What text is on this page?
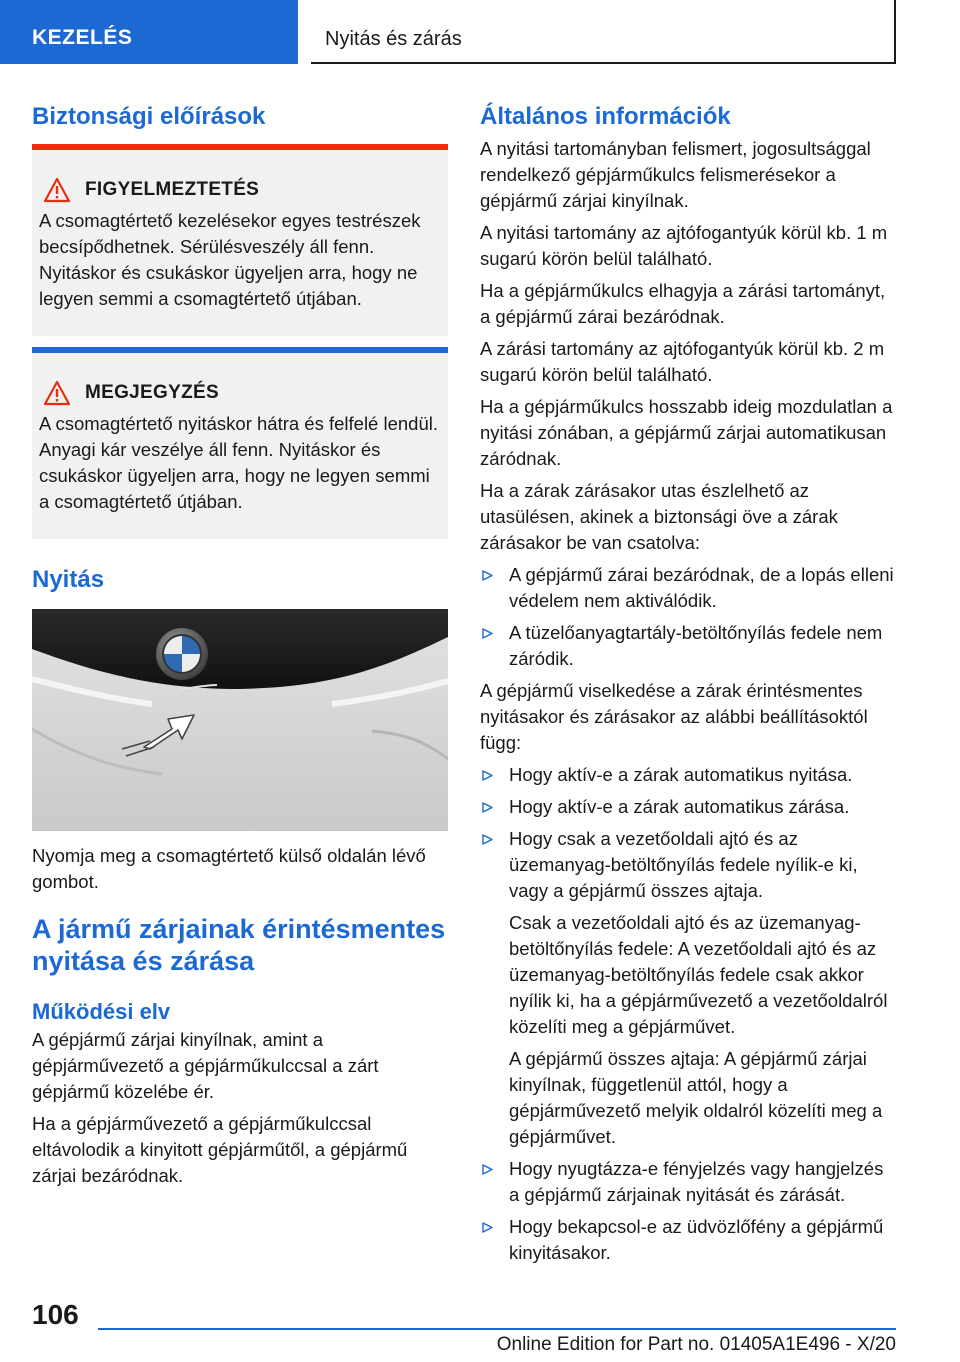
KEZELÉS	Nyitás és zárás
Biztonsági előírások
FIGYELMEZTETÉS

A csomagtértető kezelésekor egyes testrészek becsípődhetnek. Sérülésveszély áll fenn. Nyitáskor és csukáskor ügyeljen arra, hogy ne legyen semmi a csomagtértető útjában.

MEGJEGYZÉS

A csomagtértető nyitáskor hátra és felfelé lendül. Anyagi kár veszélye áll fenn. Nyitáskor és csukáskor ügyeljen arra, hogy ne legyen semmi a csomagtértető útjában.

Nyitás

Nyomja meg a csomagtértető külső oldalán lévő gombot.

A jármű zárjainak érintésmentes nyitása és zárása
Működési elv

A gépjármű zárjai kinyílnak, amint a gépjárművezető a gépjárműkulccsal a zárt gépjármű közelébe ér.

Ha a gépjárművezető a gépjárműkulccsal eltávolodik a kinyitott gépjárműtől, a gépjármű zárjai bezáródnak.

Általános információk

A nyitási tartományban felismert, jogosultsággal rendelkező gépjárműkulcs felismerésekor a gépjármű zárjai kinyílnak.

A nyitási tartomány az ajtófogantyúk körül kb. 1 m sugarú körön belül található.

Ha a gépjárműkulcs elhagyja a zárási tartományt, a gépjármű zárai bezáródnak.

A zárási tartomány az ajtófogantyúk körül kb. 2 m sugarú körön belül található.

Ha a gépjárműkulcs hosszabb ideig mozdulatlan a nyitási zónában, a gépjármű zárjai automatikusan záródnak.

Ha a zárak zárásakor utas észlelhető az utasülésen, akinek a biztonsági öve a zárak zárásakor be van csatolva:

A gépjármű zárai bezáródnak, de a lopás elleni védelem nem aktiválódik.

A tüzelőanyagtartály-betöltőnyílás fedele nem záródik.

A gépjármű viselkedése a zárak érintésmentes nyitásakor és zárásakor az alábbi beállításoktól függ:

Hogy aktív-e a zárak automatikus nyitása.

Hogy aktív-e a zárak automatikus zárása.

Hogy csak a vezetőoldali ajtó és az üzemanyag-betöltőnyílás fedele nyílik-e ki, vagy a gépjármű összes ajtaja.

Csak a vezetőoldali ajtó és az üzemanyag-betöltőnyílás fedele: A vezetőoldali ajtó és az üzemanyag-betöltőnyílás fedele csak akkor nyílik ki, ha a gépjárművezető a vezetőoldalról közelíti meg a gépjárművet.

A gépjármű összes ajtaja: A gépjármű zárjai kinyílnak, függetlenül attól, hogy a gépjárművezető melyik oldalról közelíti meg a gépjárművet.

Hogy nyugtázza-e fényjelzés vagy hangjelzés a gépjármű zárjainak nyitását és zárását.

Hogy bekapcsol-e az üdvözlőfény a gépjármű kinyitásakor.

106
Online Edition for Part no. 01405A1E496 - X/20
